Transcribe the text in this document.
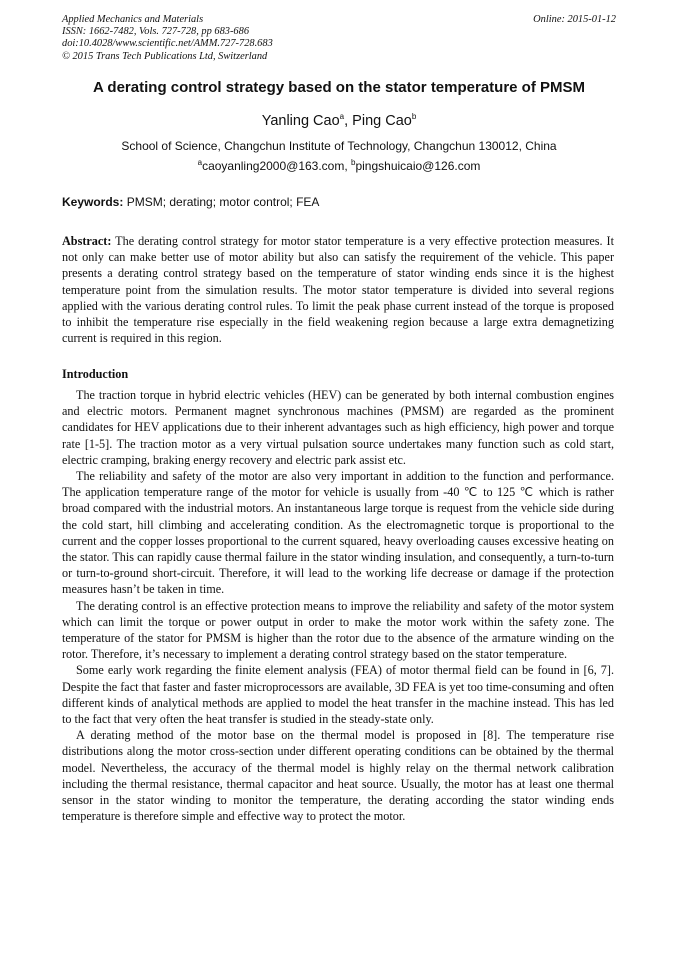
Applied Mechanics and Materials
ISSN: 1662-7482, Vols. 727-728, pp 683-686
doi:10.4028/www.scientific.net/AMM.727-728.683
© 2015 Trans Tech Publications Ltd, Switzerland
Online: 2015-01-12
A derating control strategy based on the stator temperature of PMSM
Yanling Cao$^a$, Ping Cao$^b$
School of Science, Changchun Institute of Technology, Changchun 130012, China
$^a$caoyanling2000@163.com, $^b$pingshuicaio@126.com
Keywords: PMSM; derating; motor control; FEA

Abstract: The derating control strategy for motor stator temperature is a very effective protection measures. It not only can make better use of motor ability but also can satisfy the requirement of the vehicle. This paper presents a derating control strategy based on the temperature of stator winding ends since it is the highest temperature point from the simulation results. The motor stator temperature is divided into several regions applied with the various derating control rules. To limit the peak phase current instead of the torque is proposed to inhibit the temperature rise especially in the field weakening region because a large extra demagnetizing current is required in this region.

Introduction

The traction torque in hybrid electric vehicles (HEV) can be generated by both internal combustion engines and electric motors. Permanent magnet synchronous machines (PMSM) are regarded as the prominent candidates for HEV applications due to their inherent advantages such as high efficiency, high power and torque rate [1-5]. The traction motor as a very virtual pulsation source undertakes many function such as cold start, electric cramping, braking energy recovery and electric park assist etc.

The reliability and safety of the motor are also very important in addition to the function and performance. The application temperature range of the motor for vehicle is usually from -40 ℃ to 125 ℃ which is rather broad compared with the industrial motors. An instantaneous large torque is request from the vehicle side during the cold start, hill climbing and accelerating condition. As the electromagnetic torque is proportional to the current and the copper losses proportional to the current squared, heavy overloading causes excessive heating on the stator. This can rapidly cause thermal failure in the stator winding insulation, and consequently, a turn-to-turn or turn-to-ground short-circuit. Therefore, it will lead to the working life decrease or damage if the protection measures hasn’t be taken in time.

The derating control is an effective protection means to improve the reliability and safety of the motor system which can limit the torque or power output in order to make the motor work within the safety zone. The temperature of the stator for PMSM is higher than the rotor due to the absence of the armature winding on the rotor. Therefore, it’s necessary to implement a derating control strategy based on the stator temperature.

Some early work regarding the finite element analysis (FEA) of motor thermal field can be found in [6, 7]. Despite the fact that faster and faster microprocessors are available, 3D FEA is yet too time-consuming and often different kinds of analytical methods are applied to model the heat transfer in the machine instead. This has led to the fact that very often the heat transfer is studied in the steady-state only.

A derating method of the motor base on the thermal model is proposed in [8]. The temperature rise distributions along the motor cross-section under different operating conditions can be obtained by the thermal model. Nevertheless, the accuracy of the thermal model is highly relay on the thermal network calibration including the thermal resistance, thermal capacitor and heat source. Usually, the motor has at least one thermal sensor in the stator winding to monitor the temperature, the derating according the stator winding ends temperature is therefore simple and effective way to protect the motor.
